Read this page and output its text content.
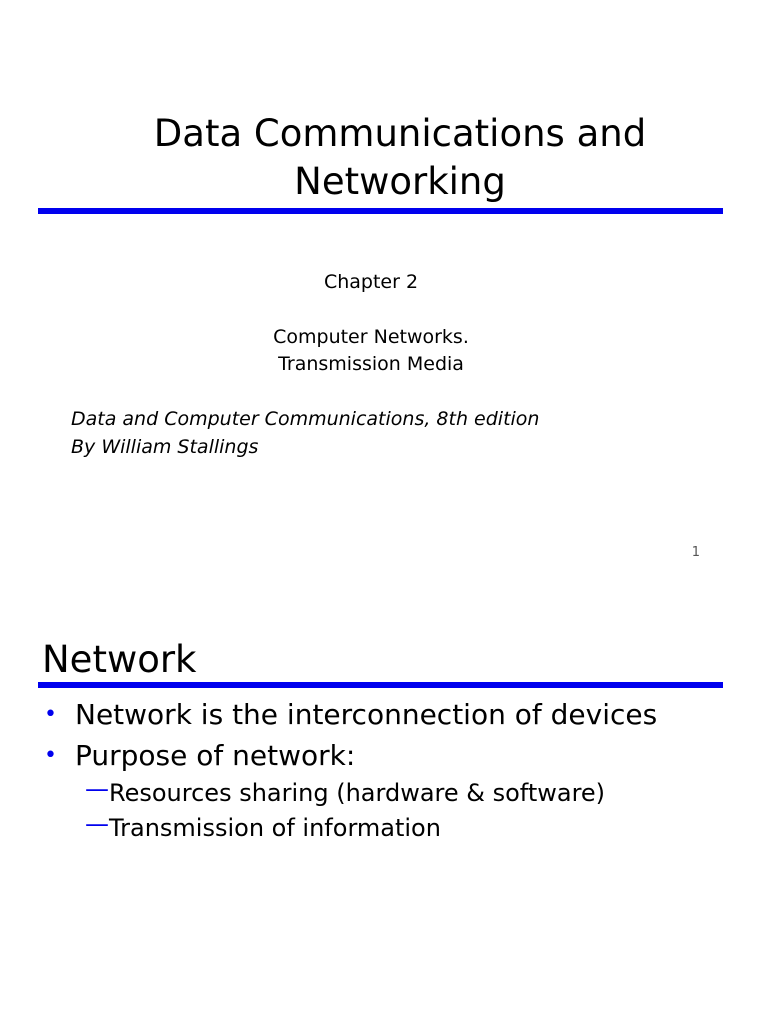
Data Communications and Networking
Chapter 2
Computer Networks.
Transmission Media
Data and Computer Communications, 8th edition
By William Stallings
1
Network
• Network is the interconnection of devices
• Purpose of network:
— Resources sharing (hardware & software)
— Transmission of information
